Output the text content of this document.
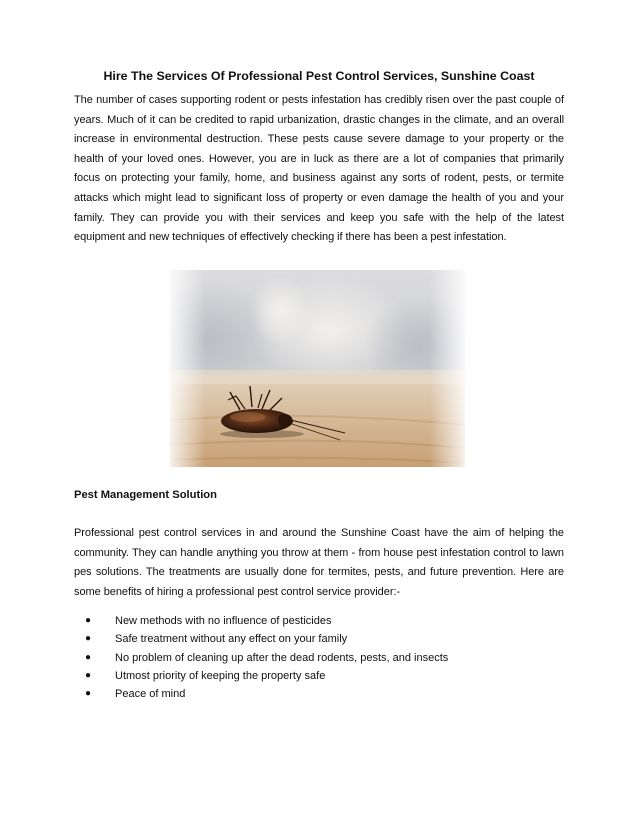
Hire The Services Of Professional Pest Control Services, Sunshine Coast

The number of cases supporting rodent or pests infestation has credibly risen over the past couple of years. Much of it can be credited to rapid urbanization, drastic changes in the climate, and an overall increase in environmental destruction. These pests cause severe damage to your property or the health of your loved ones. However, you are in luck as there are a lot of companies that primarily focus on protecting your family, home, and business against any sorts of rodent, pests, or termite attacks which might lead to significant loss of property or even damage the health of you and your family. They can provide you with their services and keep you safe with the help of the latest equipment and new techniques of effectively checking if there has been a pest infestation.

Pest Management Solution

Professional pest control services in and around the Sunshine Coast have the aim of helping the community. They can handle anything you throw at them - from house pest infestation control to lawn pes solutions. The treatments are usually done for termites, pests, and future prevention. Here are some benefits of hiring a professional pest control service provider:-

● New methods with no influence of pesticides
● Safe treatment without any effect on your family
● No problem of cleaning up after the dead rodents, pests, and insects
● Utmost priority of keeping the property safe
● Peace of mind
